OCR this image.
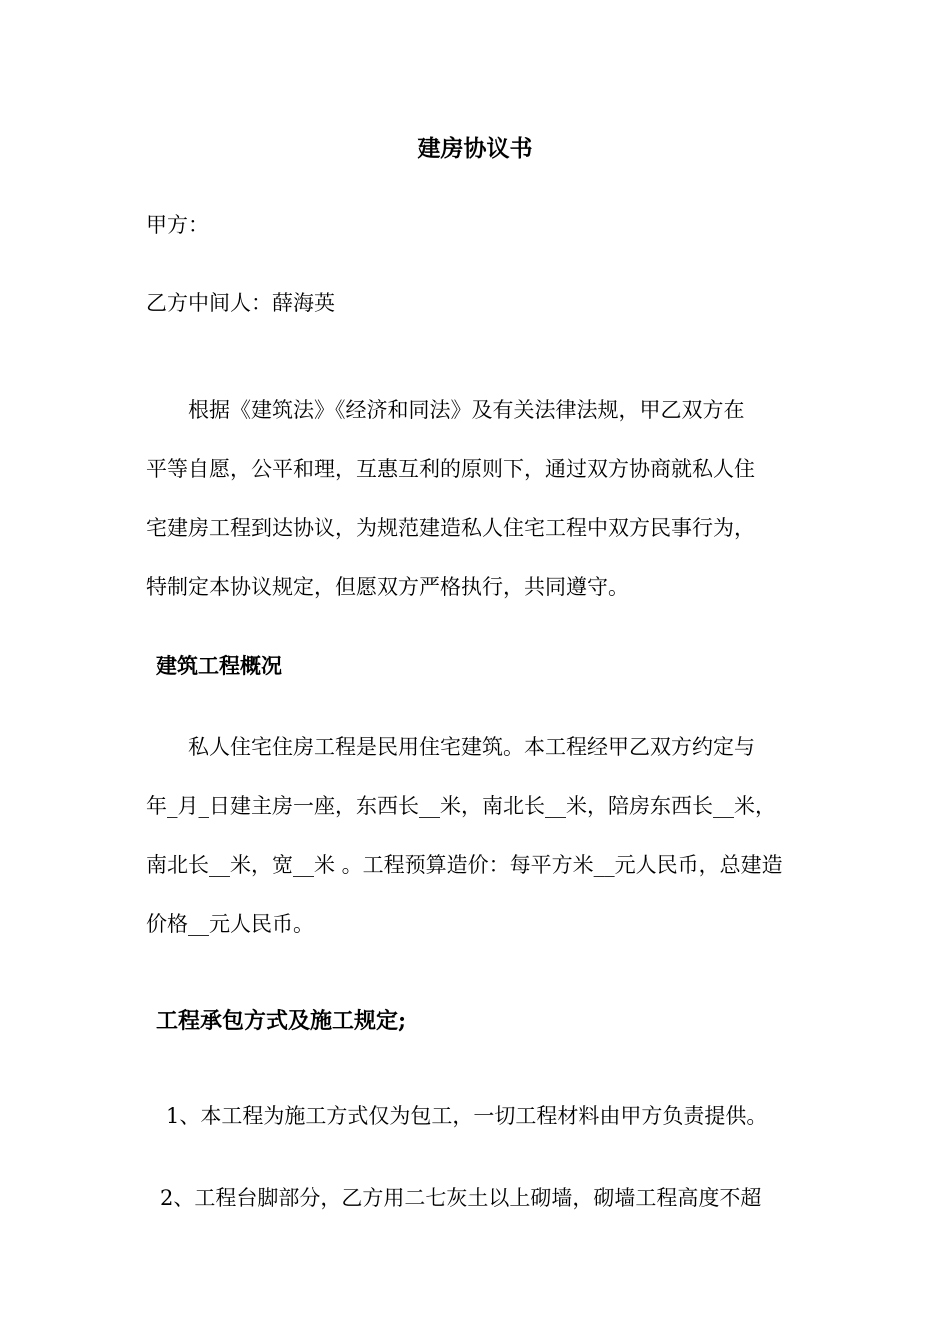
建房协议书
甲方：
乙方中间人：薛海英
根据《建筑法》《经济和同法》及有关法律法规，甲乙双方在
平等自愿，公平和理，互惠互利的原则下，通过双方协商就私人住
宅建房工程到达协议，为规范建造私人住宅工程中双方民事行为，
特制定本协议规定，但愿双方严格执行，共同遵守。
建筑工程概况
私人住宅住房工程是民用住宅建筑。本工程经甲乙双方约定与
年_月_日建主房一座，东西长__米，南北长__米，陪房东西长__米，
南北长__米，宽__米 。工程预算造价：每平方米__元人民币，总建造
价格__元人民币。
工程承包方式及施工规定;
1、本工程为施工方式仅为包工，一切工程材料由甲方负责提供。
2、工程台脚部分，乙方用二七灰土以上砌墙，砌墙工程高度不超
